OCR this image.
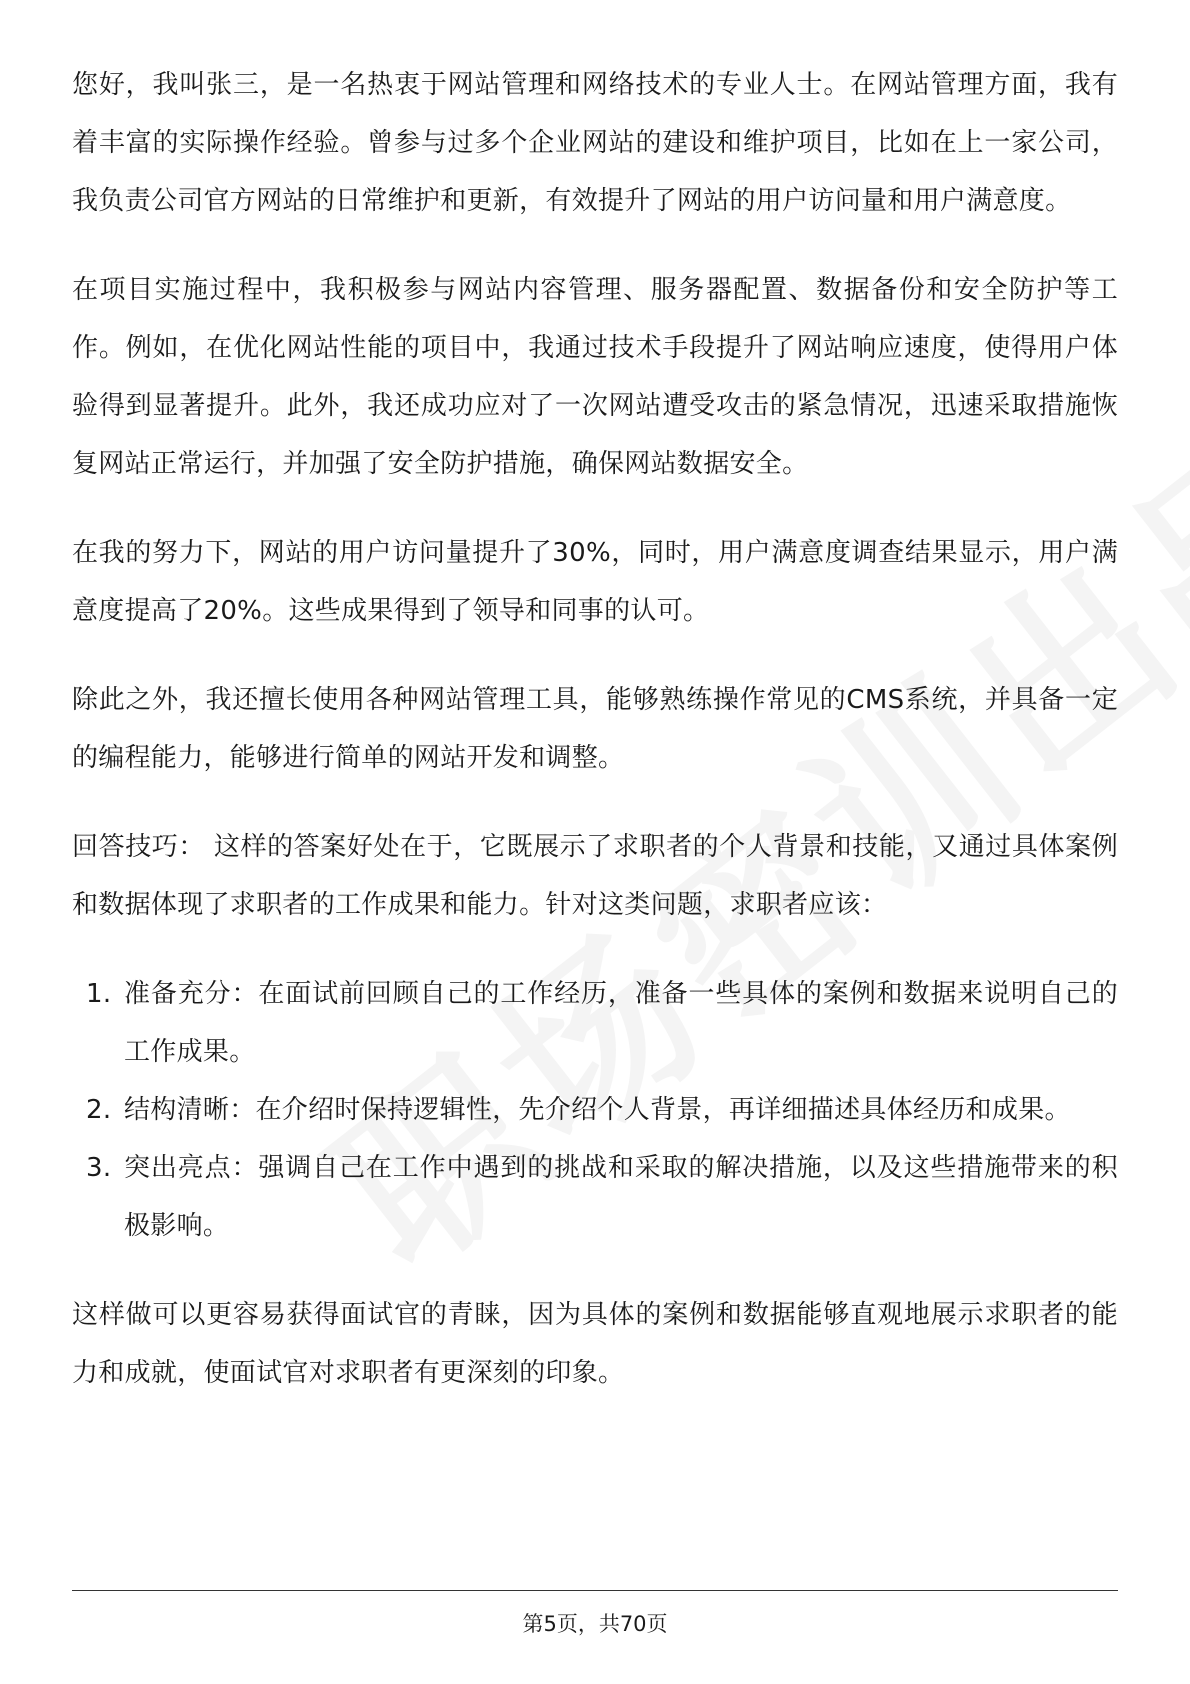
您好，我叫张三，是一名热衷于网站管理和网络技术的专业人士。在网站管理方面，我有着丰富的实际操作经验。曾参与过多个企业网站的建设和维护项目，比如在上一家公司，我负责公司官方网站的日常维护和更新，有效提升了网站的用户访问量和用户满意度。

在项目实施过程中，我积极参与网站内容管理、服务器配置、数据备份和安全防护等工作。例如，在优化网站性能的项目中，我通过技术手段提升了网站响应速度，使得用户体验得到显著提升。此外，我还成功应对了一次网站遭受攻击的紧急情况，迅速采取措施恢复网站正常运行，并加强了安全防护措施，确保网站数据安全。

在我的努力下，网站的用户访问量提升了30%，同时，用户满意度调查结果显示，用户满意度提高了20%。这些成果得到了领导和同事的认可。

除此之外，我还擅长使用各种网站管理工具，能够熟练操作常见的CMS系统，并具备一定的编程能力，能够进行简单的网站开发和调整。

回答技巧： 这样的答案好处在于，它既展示了求职者的个人背景和技能，又通过具体案例和数据体现了求职者的工作成果和能力。针对这类问题，求职者应该：

1. 准备充分：在面试前回顾自己的工作经历，准备一些具体的案例和数据来说明自己的工作成果。
2. 结构清晰：在介绍时保持逻辑性，先介绍个人背景，再详细描述具体经历和成果。
3. 突出亮点：强调自己在工作中遇到的挑战和采取的解决措施，以及这些措施带来的积极影响。

这样做可以更容易获得面试官的青睐，因为具体的案例和数据能够直观地展示求职者的能力和成就，使面试官对求职者有更深刻的印象。

第5页，共70页
